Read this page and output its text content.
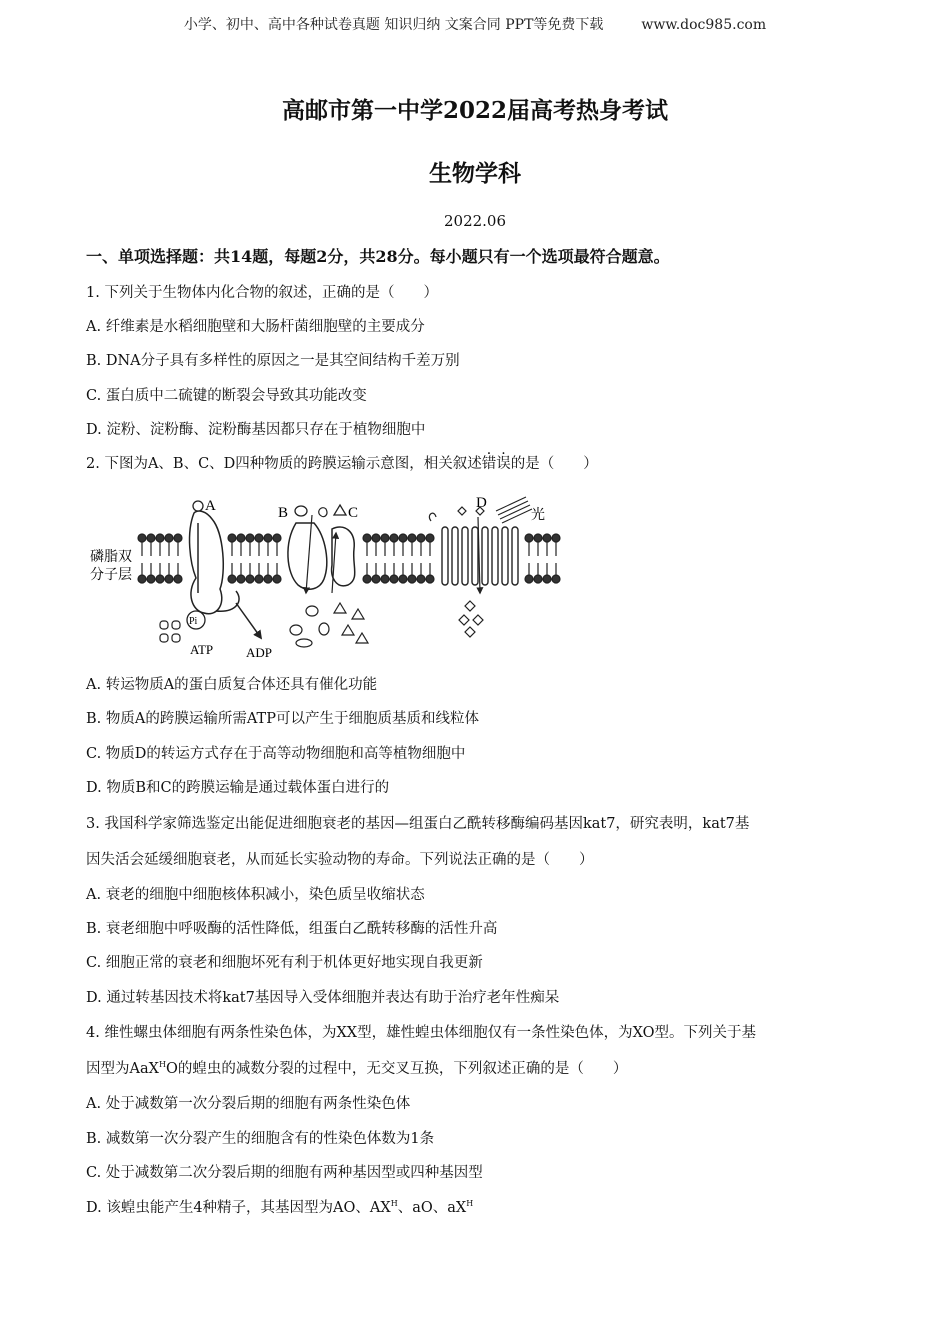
小学、初中、高中各种试卷真题 知识归纳 文案合同 PPT等免费下载	www.doc985.com
高邮市第一中学2022届高考热身考试
生物学科
2022.06
一、单项选择题：共14题，每题2分，共28分。每小题只有一个选项最符合题意。
1. 下列关于生物体内化合物的叙述，正确的是（　　）
A. 纤维素是水稻细胞壁和大肠杆菌细胞壁的主要成分
B. DNA分子具有多样性的原因之一是其空间结构千差万别
C. 蛋白质中二硫键的断裂会导致其功能改变
D. 淀粉、淀粉酶、淀粉酶基因都只存在于植物细胞中
2. 下图为A、B、C、D四种物质的跨膜运输示意图，相关叙述错误的是（　　）
A	B	C
D
光
磷脂双
分子层
Pi
ATP	ADP
A. 转运物质A的蛋白质复合体还具有催化功能
B. 物质A的跨膜运输所需ATP可以产生于细胞质基质和线粒体
C. 物质D的转运方式存在于高等动物细胞和高等植物细胞中
D. 物质B和C的跨膜运输是通过载体蛋白进行的
3. 我国科学家筛选鉴定出能促进细胞衰老的基因—组蛋白乙酰转移酶编码基因kat7，研究表明，kat7基
因失活会延缓细胞衰老，从而延长实验动物的寿命。下列说法正确的是（　　）
A. 衰老的细胞中细胞核体积减小，染色质呈收缩状态
B. 衰老细胞中呼吸酶的活性降低，组蛋白乙酰转移酶的活性升高
C. 细胞正常的衰老和细胞坏死有利于机体更好地实现自我更新
D. 通过转基因技术将kat7基因导入受体细胞并表达有助于治疗老年性痴呆
4. 维性螺虫体细胞有两条性染色体，为XX型，雄性蝗虫体细胞仅有一条性染色体，为XO型。下列关于基
因型为AaX$^H$O的蝗虫的减数分裂的过程中，无交叉互换，下列叙述正确的是（　　）
A. 处于减数第一次分裂后期的细胞有两条性染色体
B. 减数第一次分裂产生的细胞含有的性染色体数为1条
C. 处于减数第二次分裂后期的细胞有两种基因型或四种基因型
D. 该蝗虫能产生4种精子，其基因型为AO、$AX^H$、aO、$aX^H$
